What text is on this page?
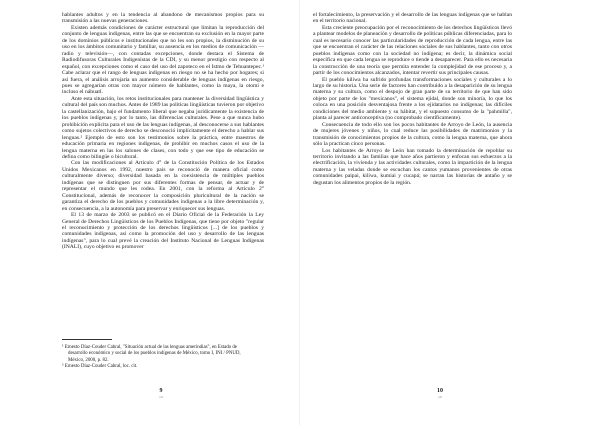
hablantes adultos y en la tendencia al abandono de mecanismos propios para su transmisión a las nuevas generaciones.

Existen además condiciones de carácter estructural que limitan la reproducción del conjunto de lenguas indígenas, entre las que se encuentran su exclusión en la mayor parte de los dominios públicos e institucionales que no les son propios, la disminución de su uso en los ámbitos comunitario y familiar, su ausencia en los medios de comunicación —radio y televisión—, con contadas excepciones, donde destaca el Sistema de Radiodifusoras Culturales Indigenistas de la CDI, y su menor prestigio con respecto al español, con excepciones como el caso del uso del zapoteco en el Istmo de Tehuantepec.¹ Cabe aclarar que el rango de lenguas indígenas en riesgo no se ha hecho por hogares; si así fuera, el análisis arrojaría un aumento considerable de lenguas indígenas en riesgo, pues se agregarían otras con mayor número de hablantes, como la maya, la otomí e incluso el náhuatl.

Ante esta situación, los retos institucionales para mantener la diversidad lingüística y cultural del país son muchos. Antes de 1989 las políticas lingüísticas tuvieron por objetivo la castellanización, bajo el fundamento liberal que negaba jurídicamente la existencia de los pueblos indígenas y, por lo tanto, las diferencias culturales. Pese a que nunca hubo prohibición explícita para el uso de las lenguas indígenas, al desconocerse a sus hablantes como sujetos colectivos de derecho se desconoció implícitamente el derecho a hablar sus lenguas.² Ejemplo de esto son los testimonios sobre la práctica, entre maestros de educación primaria en regiones indígenas, de prohibir en muchos casos el uso de la lengua materna en las los salones de clases, con todo y que ese tipo de educación se defina como bilingüe o bicultural.

Con las modificaciones al Artículo 4° de la Constitución Política de los Estados Unidos Mexicanos en 1992, nuestro país se reconoció de manera oficial como culturalmente diverso; diversidad basada en la coexistencia de múltiples pueblos indígenas que se distinguen por sus diferentes formas de pensar, de actuar y de representar el mundo que les rodea. En 2001, con la reforma al Artículo 2° Constitucional, además de reconocer la composición pluricultural de la nación se garantiza el derecho de los pueblos y comunidades indígenas a la libre determinación y, en consecuencia, a la autonomía para preservar y enriquecer sus lenguas.

El 13 de marzo de 2003 se publicó en el Diario Oficial de la Federación la Ley General de Derechos Lingüísticos de los Pueblos Indígenas, que tiene por objeto "regular el reconocimiento y protección de los derechos lingüísticos [...] de los pueblos y comunidades indígenas, así como la promoción del uso y desarrollo de las lenguas indígenas", para lo cual prevé la creación del Instituto Nacional de Lenguas Indígenas (INALI), cuyo objetivo es promover

¹ Ernesto Díaz-Couder Cabral, "Situación actual de las lenguas amerindias", en Estado de desarrollo económico y social de los pueblos indígenas de México, tomo I, INI / PNUD, México, 2000, p. 82.

² Ernesto Díaz-Couder Cabral, loc. cit.

9
cdi

el fortalecimiento, la preservación y el desarrollo de las lenguas indígenas que se hablan en el territorio nacional.

Esta creciente preocupación por el reconocimiento de los derechos lingüísticos llevó a plantear modelos de planeación y desarrollo de políticas públicas diferenciadas, para lo cual es necesario conocer las particularidades de reproducción de cada lengua, entre las que se encuentran el carácter de las relaciones sociales de sus hablantes, tanto con otros pueblos indígenas como con la sociedad no indígena; es decir, la dinámica social específica en que cada lengua se reproduce o tiende a desaparecer. Para ello es necesaria la construcción de una teoría que permita entender la complejidad de ese proceso y, a partir de los conocimientos alcanzados, intentar revertir sus principales causas.

El pueblo kiliwa ha sufrido profundas transformaciones sociales y culturales a lo largo de su historia. Una serie de factores han contribuido a la desaparición de su lengua materna y su cultura, como el despojo de gran parte de su territorio de que han sido objeto por parte de los "mexicanos", el sistema ejidal, donde son minoría, lo que los coloca en una posición desventajosa frente a los ejidatarios no indígenas; las difíciles condiciones del medio ambiente y su hábitat, y el supuesto consumo de la "pahmilla", planta al parecer anticonceptiva (no comprobado científicamente).

Consecuencia de todo ello son los pocos habitantes de Arroyo de León, la ausencia de mujeres jóvenes y niños, lo cual reduce las posibilidades de matrimonios y la transmisión de conocimientos propios de la cultura, como la lengua materna, que ahora sólo la practican cinco personas.

Los habitantes de Arroyo de León han tomado la determinación de repoblar su territorio invitando a las familias que hace años partieron y enfocan sus esfuerzos a la electrificación, la vivienda y las actividades culturales, como la impartición de la lengua materna y las veladas donde se escuchan los cantos yumanos provenientes de otras comunidades paipai, kiliwa, kumiai y cucapá; se narran las historias de antaño y se degustan los alimentos propios de la región.

10
cdi
